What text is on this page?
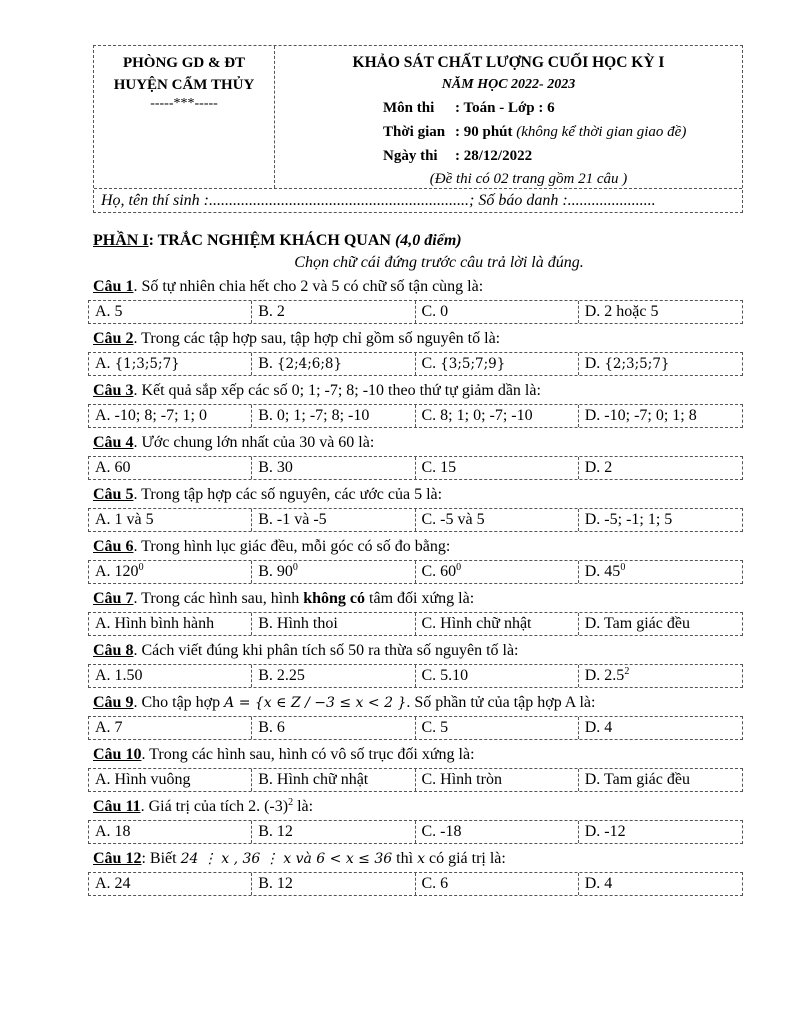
PHÒNG GD & ĐT
HUYỆN CẨM THỦY
-----***-----
KHẢO SÁT CHẤT LƯỢNG CUỐI HỌC KỲ I
NĂM HỌC 2022- 2023
Môn thi : Toán - Lớp : 6
Thời gian : 90 phút (không kể thời gian giao đề)
Ngày thi : 28/12/2022
(Đề thi có 02 trang gồm 21 câu )
Họ, tên thí sinh :.................................................................; Số báo danh :......................
PHẦN I: TRẮC NGHIỆM KHÁCH QUAN (4,0 điểm)
Chọn chữ cái đứng trước câu trả lời là đúng.
Câu 1. Số tự nhiên chia hết cho 2 và 5 có chữ số tận cùng là:
A. 5	B. 2	C. 0	D. 2 hoặc 5
Câu 2. Trong các tập hợp sau, tập hợp chỉ gồm số nguyên tố là:
A. {1;3;5;7}	B. {2;4;6;8}	C. {3;5;7;9}	D. {2;3;5;7}
Câu 3. Kết quả sắp xếp các số 0; 1; -7; 8; -10 theo thứ tự giảm dần là:
A. -10; 8; -7; 1; 0	B. 0; 1; -7; 8; -10	C. 8; 1; 0; -7; -10	D. -10; -7; 0; 1; 8
Câu 4. Ước chung lớn nhất của 30 và 60 là:
A. 60	B. 30	C. 15	D. 2
Câu 5. Trong tập hợp các số nguyên, các ước của 5 là:
A. 1 và 5	B. -1 và -5	C. -5 và 5	D. -5; -1; 1; 5
Câu 6. Trong hình lục giác đều, mỗi góc có số đo bằng:
A. $120^0$	B. $90^0$	C. $60^0$	D. $45^0$
Câu 7. Trong các hình sau, hình không có tâm đối xứng là:
A. Hình bình hành	B. Hình thoi	C. Hình chữ nhật	D. Tam giác đều
Câu 8. Cách viết đúng khi phân tích số 50 ra thừa số nguyên tố là:
A. 1.50	B. 2.25	C. 5.10	D. $2.5^2$
Câu 9. Cho tập hợp A = {x ∈ Z / −3 ≤ x < 2 }. Số phần tử của tập hợp A là:
A. 7	B. 6	C. 5	D. 4
Câu 10. Trong các hình sau, hình có vô số trục đối xứng là:
A. Hình vuông	B. Hình chữ nhật	C. Hình tròn	D. Tam giác đều
Câu 11. Giá trị của tích 2. $(-3)^2$ là:
A. 18	B. 12	C. -18	D. -12
Câu 12: Biết 24 ⋮ x , 36 ⋮ x và 6 < x ≤ 36 thì x có giá trị là:
A. 24	B. 12	C. 6	D. 4
